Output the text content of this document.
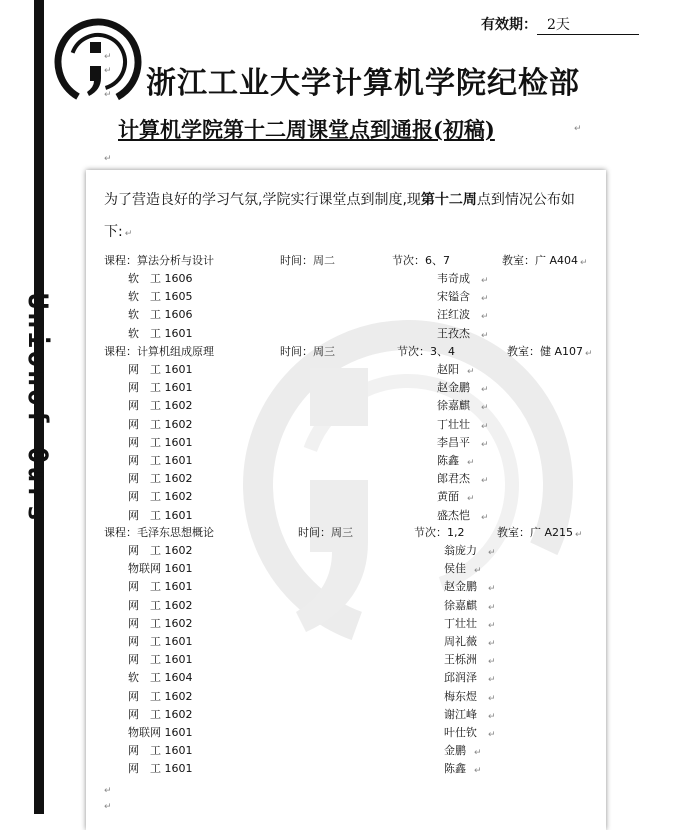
Unionof Ours
有效期： 2天
浙江工业大学计算机学院纪检部
计算机学院第十二周课堂点到通报(初稿)
↵
↵
↵
↵
↵
为了营造良好的学习气氛,学院实行课堂点到制度,现第十二周点到情况公布如下: ↵
课程：算法分析与设计	时间：周二	节次：6、7	教室：广 A404 ↵
软　工 1606	韦奇成 ↵
软　工 1605	宋镒含 ↵
软　工 1606	汪红波 ↵
软　工 1601	王孜杰 ↵
课程：计算机组成原理	时间：周三	节次：3、4	教室：健 A107 ↵
网　工 1601	赵阳 ↵
网　工 1601	赵金鹏 ↵
网　工 1602	徐嘉麒 ↵
网　工 1602	丁壮壮 ↵
网　工 1601	李昌平 ↵
网　工 1601	陈鑫 ↵
网　工 1602	郎君杰 ↵
网　工 1602	黄皕 ↵
网　工 1601	盛杰恺 ↵
课程：毛泽东思想概论	时间：周三	节次：1,2	教室：广 A215 ↵
网　工 1602	翁庞力 ↵
物联网 1601	侯佳 ↵
网　工 1601	赵金鹏 ↵
网　工 1602	徐嘉麒 ↵
网　工 1602	丁壮壮 ↵
网　工 1601	周礼薇 ↵
网　工 1601	王栎洲 ↵
软　工 1604	邱润泽 ↵
网　工 1602	梅东煜 ↵
网　工 1602	谢江峰 ↵
物联网 1601	叶仕钦 ↵
网　工 1601	金鹏 ↵
网　工 1601	陈鑫 ↵
↵
↵
